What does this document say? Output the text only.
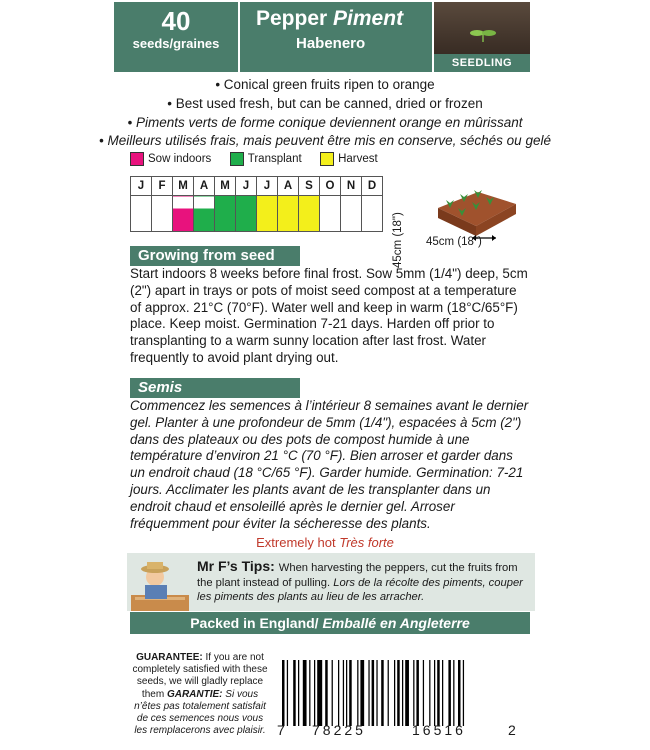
40
seeds/graines
Pepper Piment
Habenero
SEEDLING
• Conical green fruits ripen to orange
• Best used fresh, but can be canned, dried or frozen
• Piments verts de forme conique deviennent orange en mûrissant
• Meilleurs utilisés frais, mais peuvent être mis en conserve, séchés ou gelé
Sow indoors	Transplant	Harvest
J	F	M	A	M	J	J	A	S	O	N	D

45cm (18") 45cm (18")
Growing from seed
Start indoors 8 weeks before final frost. Sow 5mm (1/4") deep, 5cm (2") apart in trays or pots of moist seed compost at a temperature of approx. 21°C (70°F). Water well and keep in warm (18°C/65°F) place. Keep moist. Germination 7-21 days. Harden off prior to transplanting to a warm sunny location after last frost. Water frequently to avoid plant drying out.
Semis
Commencez les semences à l’intérieur 8 semaines avant le dernier gel. Planter à une profondeur de 5mm (1/4"), espacées à 5cm (2") dans des plateaux ou des pots de compost humide à une température d’environ 21 °C (70 °F). Bien arroser et garder dans un endroit chaud (18 °C/65 °F). Garder humide. Germination: 7-21 jours. Acclimater les plants avant de les transplanter dans un endroit chaud et ensoleillé après le dernier gel. Arroser fréquemment pour éviter la sécheresse des plants.
Extremely hot Très forte
Mr F’s Tips: When harvesting the peppers, cut the fruits from the plant instead of pulling. Lors de la récolte des piments, couper les piments des plants au lieu de les arracher.
Packed in England/ Emballé en Angleterre
GUARANTEE: If you are not completely satisfied with these seeds, we will gladly replace them GARANTIE: Si vous n’êtes pas totalement satisfait de ces semences nous vous les remplacerons avec plaisir. 7 78225	16516	2
